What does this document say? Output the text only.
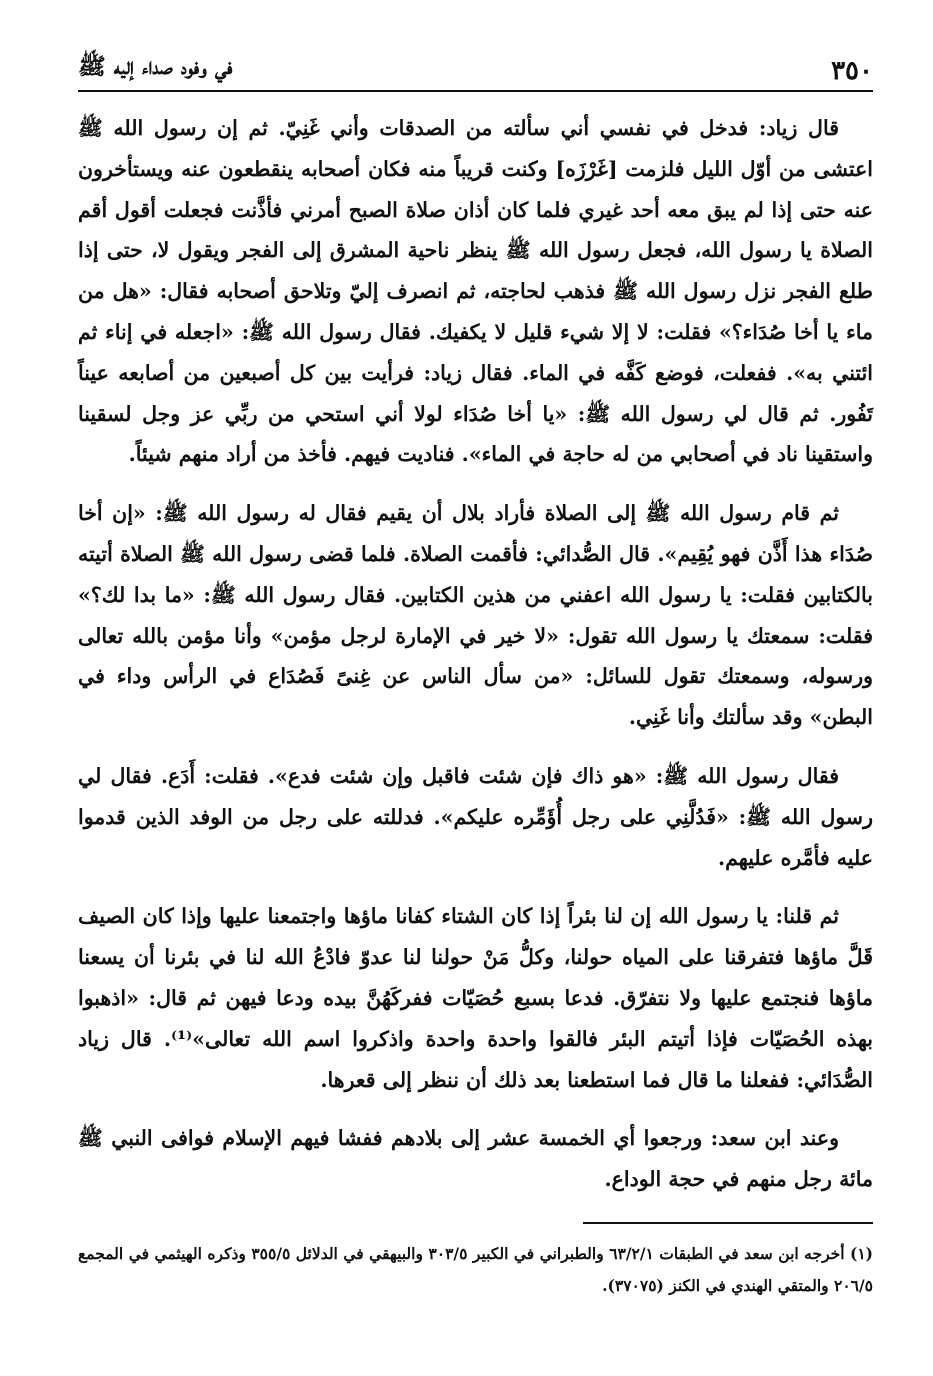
٣٥٠
في وفود صداء إليه ﷺ

قال زياد: فدخل في نفسي أني سألته من الصدقات وأني غَنِيّ. ثم إن رسول الله ﷺ اعتشى من أوّل الليل فلزمت [غَرْزَه] وكنت قريباً منه فكان أصحابه ينقطعون عنه ويستأخرون عنه حتى إذا لم يبق معه أحد غيري فلما كان أذان صلاة الصبح أمرني فأذَّنت فجعلت أقول أقم الصلاة يا رسول الله، فجعل رسول الله ﷺ ينظر ناحية المشرق إلى الفجر ويقول لا، حتى إذا طلع الفجر نزل رسول الله ﷺ فذهب لحاجته، ثم انصرف إليّ وتلاحق أصحابه فقال: «هل من ماء يا أخا صُدَاء؟» فقلت: لا إلا شيء قليل لا يكفيك. فقال رسول الله ﷺ: «اجعله في إناء ثم ائتني به». ففعلت، فوضع كَفَّه في الماء. فقال زياد: فرأيت بين كل أصبعين من أصابعه عيناً تَفُور. ثم قال لي رسول الله ﷺ: «يا أخا صُدَاء لولا أني استحي من ربِّي عز وجل لسقينا واستقينا ناد في أصحابي من له حاجة في الماء». فناديت فيهم. فأخذ من أراد منهم شيئاً.

ثم قام رسول الله ﷺ إلى الصلاة فأراد بلال أن يقيم فقال له رسول الله ﷺ: «إن أخا صُدَاء هذا أَذَّن فهو يُقِيم». قال الصُّدائي: فأقمت الصلاة. فلما قضى رسول الله ﷺ الصلاة أتيته بالكتابين فقلت: يا رسول الله اعفني من هذين الكتابين. فقال رسول الله ﷺ: «ما بدا لك؟» فقلت: سمعتك يا رسول الله تقول: «لا خير في الإمارة لرجل مؤمن» وأنا مؤمن بالله تعالى ورسوله، وسمعتك تقول للسائل: «من سأل الناس عن غِنىً فَصُدَاع في الرأس وداء في البطن» وقد سألتك وأنا غَنِي.

فقال رسول الله ﷺ: «هو ذاك فإن شئت فاقبل وإن شئت فدع». فقلت: أَدَع. فقال لي رسول الله ﷺ: «فَدُلَّنِي على رجل أُؤَمِّره عليكم». فدللته على رجل من الوفد الذين قدموا عليه فأمَّره عليهم.

ثم قلنا: يا رسول الله إن لنا بئراً إذا كان الشتاء كفانا ماؤها واجتمعنا عليها وإذا كان الصيف قَلَّ ماؤها فتفرقنا على المياه حولنا، وكلُّ مَنْ حولنا لنا عدوّ فادْعُ الله لنا في بئرنا أن يسعنا ماؤها فنجتمع عليها ولا نتفرّق. فدعا بسبع حُصَيّات ففركَهُنَّ بيده ودعا فيهن ثم قال: «اذهبوا بهذه الحُصَيّات فإذا أتيتم البئر فالقوا واحدة واحدة واذكروا اسم الله تعالى»⁽¹⁾. قال زياد الصُّدَائي: ففعلنا ما قال فما استطعنا بعد ذلك أن ننظر إلى قعرها.

وعند ابن سعد: ورجعوا أي الخمسة عشر إلى بلادهم ففشا فيهم الإسلام فوافى النبي ﷺ مائة رجل منهم في حجة الوداع.

(١) أخرجه ابن سعد في الطبقات ٦٣/٢/١ والطبراني في الكبير ٣٠٣/٥ والبيهقي في الدلائل ٣٥٥/٥ وذكره الهيثمي في المجمع ٢٠٦/٥ والمتقي الهندي في الكنز (٣٧٠٧٥).
